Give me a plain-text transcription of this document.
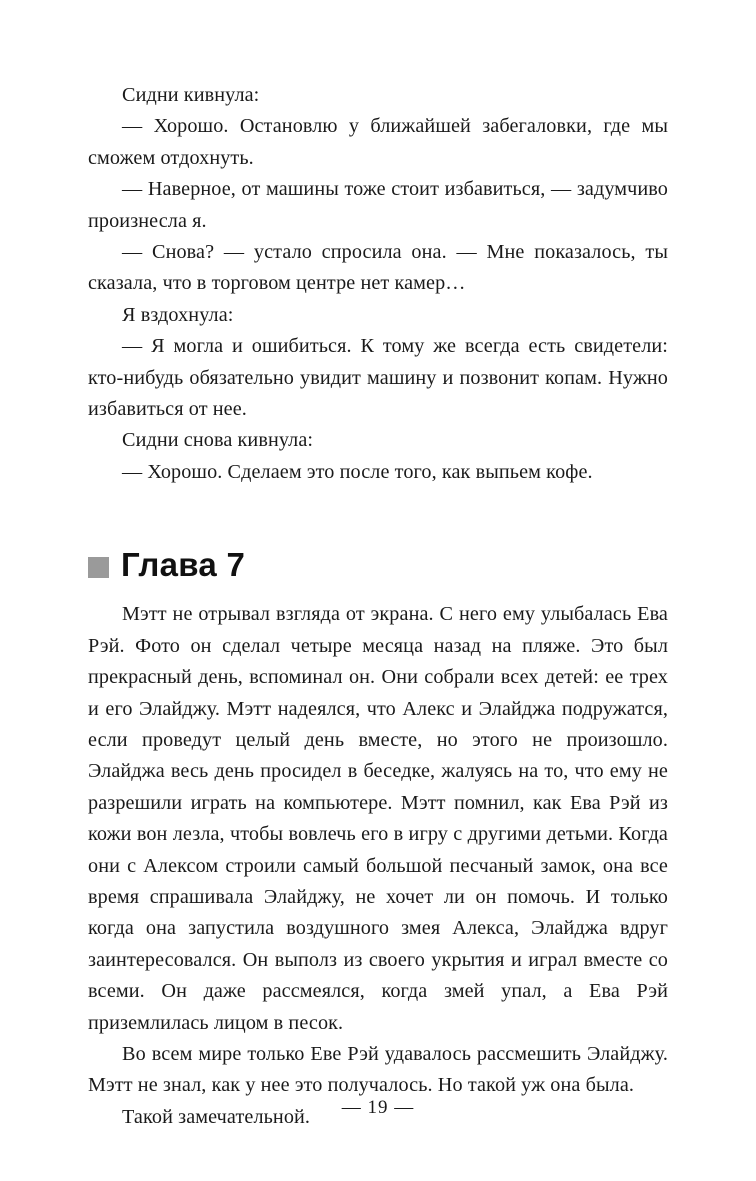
Сидни кивнула:

— Хорошо. Остановлю у ближайшей забегаловки, где мы сможем отдохнуть.

— Наверное, от машины тоже стоит избавиться, — задумчиво произнесла я.

— Снова? — устало спросила она. — Мне показалось, ты сказала, что в торговом центре нет камер…

Я вздохнула:

— Я могла и ошибиться. К тому же всегда есть свидетели: кто-нибудь обязательно увидит машину и позвонит копам. Нужно избавиться от нее.

Сидни снова кивнула:

— Хорошо. Сделаем это после того, как выпьем кофе.

Глава 7

Мэтт не отрывал взгляда от экрана. С него ему улыбалась Ева Рэй. Фото он сделал четыре месяца назад на пляже. Это был прекрасный день, вспоминал он. Они собрали всех детей: ее трех и его Элайджу. Мэтт надеялся, что Алекс и Элайджа подружатся, если проведут целый день вместе, но этого не произошло. Элайджа весь день просидел в беседке, жалуясь на то, что ему не разрешили играть на компьютере. Мэтт помнил, как Ева Рэй из кожи вон лезла, чтобы вовлечь его в игру с другими детьми. Когда они с Алексом строили самый большой песчаный замок, она все время спрашивала Элайджу, не хочет ли он помочь. И только когда она запустила воздушного змея Алекса, Элайджа вдруг заинтересовался. Он выполз из своего укрытия и играл вместе со всеми. Он даже рассмеялся, когда змей упал, а Ева Рэй приземлилась лицом в песок.

Во всем мире только Еве Рэй удавалось рассмешить Элайджу. Мэтт не знал, как у нее это получалось. Но такой уж она была.

Такой замечательной.	— 19 —
